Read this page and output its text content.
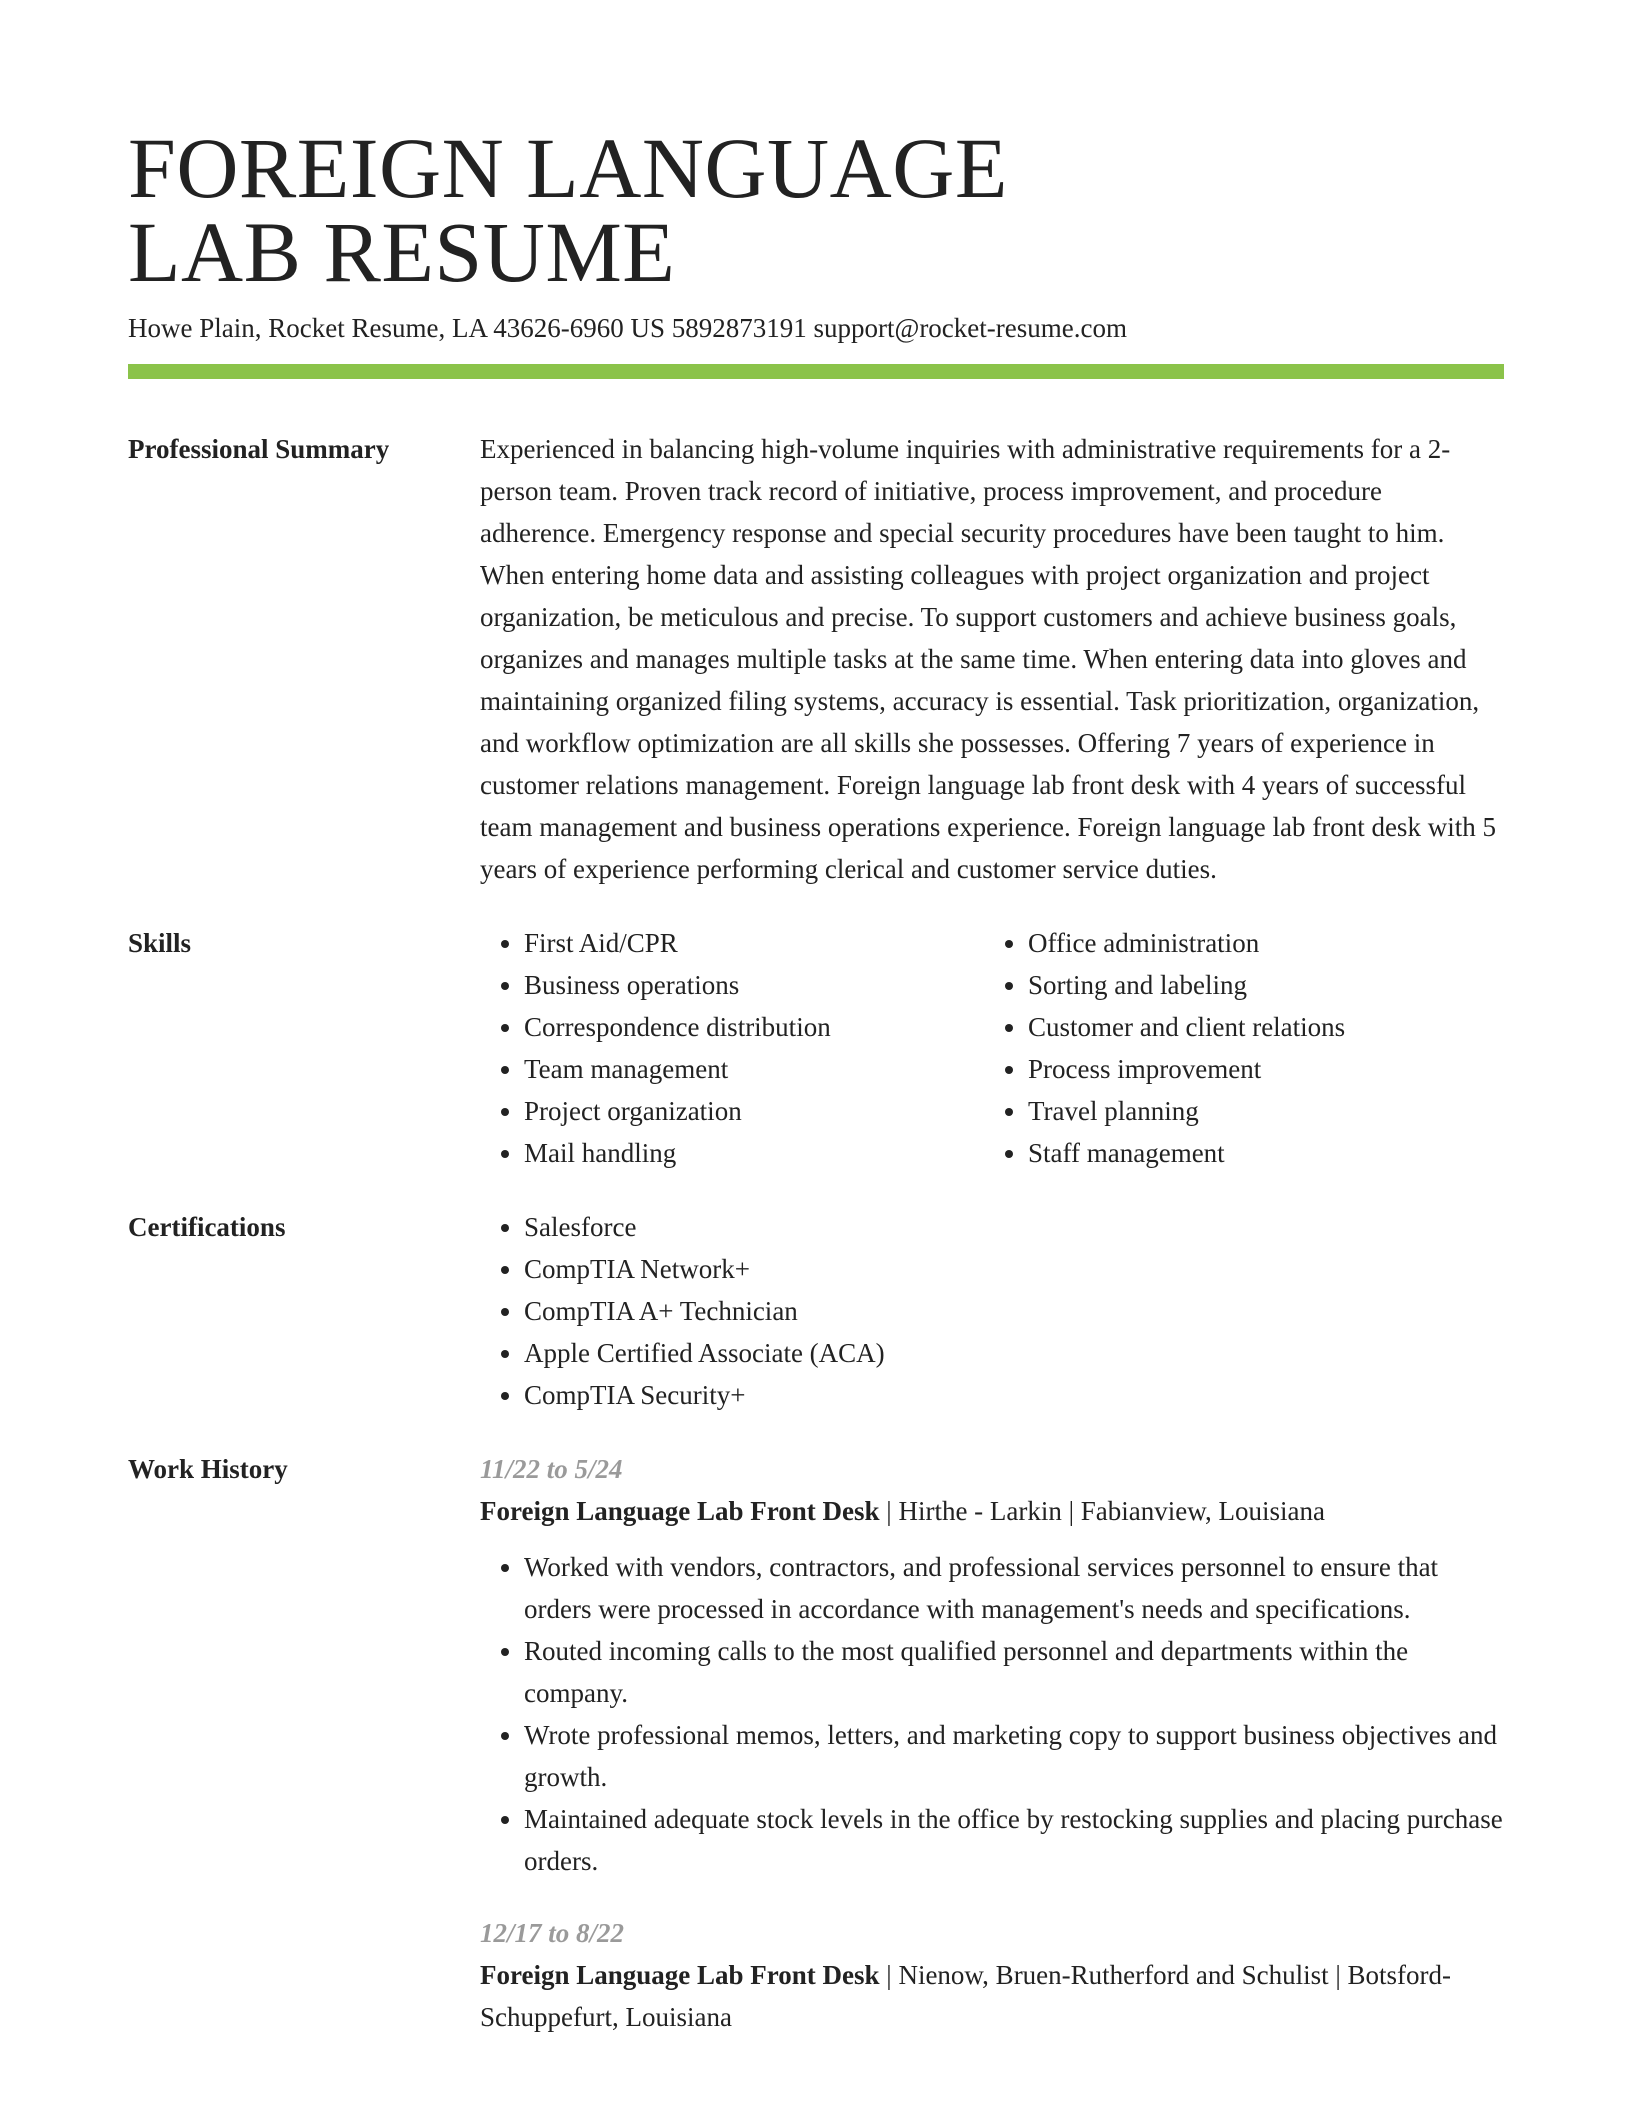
FOREIGN LANGUAGE
LAB RESUME
Howe Plain, Rocket Resume, LA 43626-6960 US 5892873191 support@rocket-resume.com
Professional Summary	Experienced in balancing high-volume inquiries with administrative requirements for a 2-person team. Proven track record of initiative, process improvement, and procedure adherence. Emergency response and special security procedures have been taught to him. When entering home data and assisting colleagues with project organization and project organization, be meticulous and precise. To support customers and achieve business goals, organizes and manages multiple tasks at the same time. When entering data into gloves and maintaining organized filing systems, accuracy is essential. Task prioritization, organization, and workflow optimization are all skills she possesses. Offering 7 years of experience in customer relations management. Foreign language lab front desk with 4 years of successful team management and business operations experience. Foreign language lab front desk with 5 years of experience performing clerical and customer service duties.

Skills	• First Aid/CPR
• Business operations
• Correspondence distribution
• Team management
• Project organization
• Mail handling
• Office administration
• Sorting and labeling
• Customer and client relations
• Process improvement
• Travel planning
• Staff management
Certifications	• Salesforce
• CompTIA Network+
• CompTIA A+ Technician
• Apple Certified Associate (ACA)
• CompTIA Security+
Work History	11/22 to 5/24
Foreign Language Lab Front Desk | Hirthe - Larkin | Fabianview, Louisiana
• Worked with vendors, contractors, and professional services personnel to ensure that orders were processed in accordance with management's needs and specifications.
• Routed incoming calls to the most qualified personnel and departments within the company.
• Wrote professional memos, letters, and marketing copy to support business objectives and growth.
• Maintained adequate stock levels in the office by restocking supplies and placing purchase orders.
12/17 to 8/22
Foreign Language Lab Front Desk | Nienow, Bruen-Rutherford and Schulist | Botsford-Schuppefurt, Louisiana
